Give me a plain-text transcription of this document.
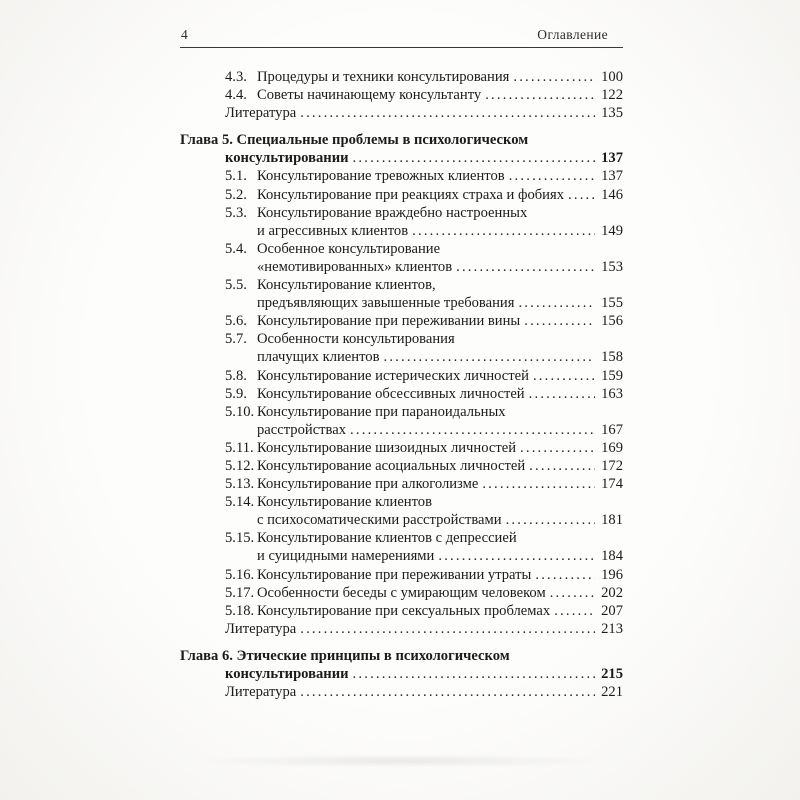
4	Оглавление
4.3. Процедуры и техники консультирования .....	100
4.4. Советы начинающему консультанту .....	122
Литература .....	135
Глава 5. Специальные проблемы в психологическом
консультировании .....	137
5.1. Консультирование тревожных клиентов .....	137
5.2. Консультирование при реакциях страха и фобиях .....	146
5.3. Консультирование враждебно настроенных
и агрессивных клиентов .....	149
5.4. Особенное консультирование
«немотивированных» клиентов .....	153
5.5. Консультирование клиентов,
предъявляющих завышенные требования .....	155
5.6. Консультирование при переживании вины .....	156
5.7. Особенности консультирования
плачущих клиентов .....	158
5.8. Консультирование истерических личностей .....	159
5.9. Консультирование обсессивных личностей .....	163
5.10. Консультирование при параноидальных
расстройствах .....	167
5.11. Консультирование шизоидных личностей .....	169
5.12. Консультирование асоциальных личностей .....	172
5.13. Консультирование при алкоголизме .....	174
5.14. Консультирование клиентов
с психосоматическими расстройствами .....	181
5.15. Консультирование клиентов с депрессией
и суицидными намерениями .....	184
5.16. Консультирование при переживании утраты .....	196
5.17. Особенности беседы с умирающим человеком .....	202
5.18. Консультирование при сексуальных проблемах .....	207
Литература .....	213
Глава 6. Этические принципы в психологическом
консультировании .....	215
Литература .....	221
